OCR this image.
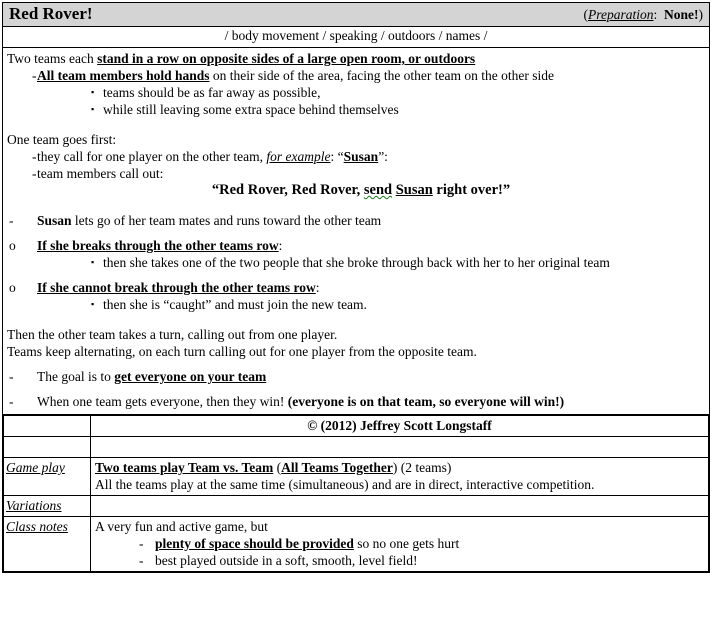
Red Rover!	(Preparation: None!)
/ body movement / speaking / outdoors / names /
Two teams each stand in a row on opposite sides of a large open room, or outdoors
- All team members hold hands on their side of the area, facing the other team on the other side
▪ teams should be as far away as possible,
▪ while still leaving some extra space behind themselves
One team goes first:
- they call for one player on the other team, for example: “Susan”:
- team members call out:
“Red Rover, Red Rover, send Susan right over!”
-	Susan lets go of her team mates and runs toward the other team
o	If she breaks through the other teams row:
▪ then she takes one of the two people that she broke through back with her to her original team
o	If she cannot break through the other teams row:
▪ then she is “caught” and must join the new team.
Then the other team takes a turn, calling out from one player.
Teams keep alternating, on each turn calling out for one player from the opposite team.
-	The goal is to get everyone on your team
-	When one team gets everyone, then they win! (everyone is on that team, so everyone will win!)
	© (2012) Jeffrey Scott Longstaff

Game play	Two teams play Team vs. Team (All Teams Together) (2 teams)
All the teams play at the same time (simultaneous) and are in direct, interactive competition.

Variations	
Class notes	A very fun and active game, but
- plenty of space should be provided so no one gets hurt
- best played outside in a soft, smooth, level field!
